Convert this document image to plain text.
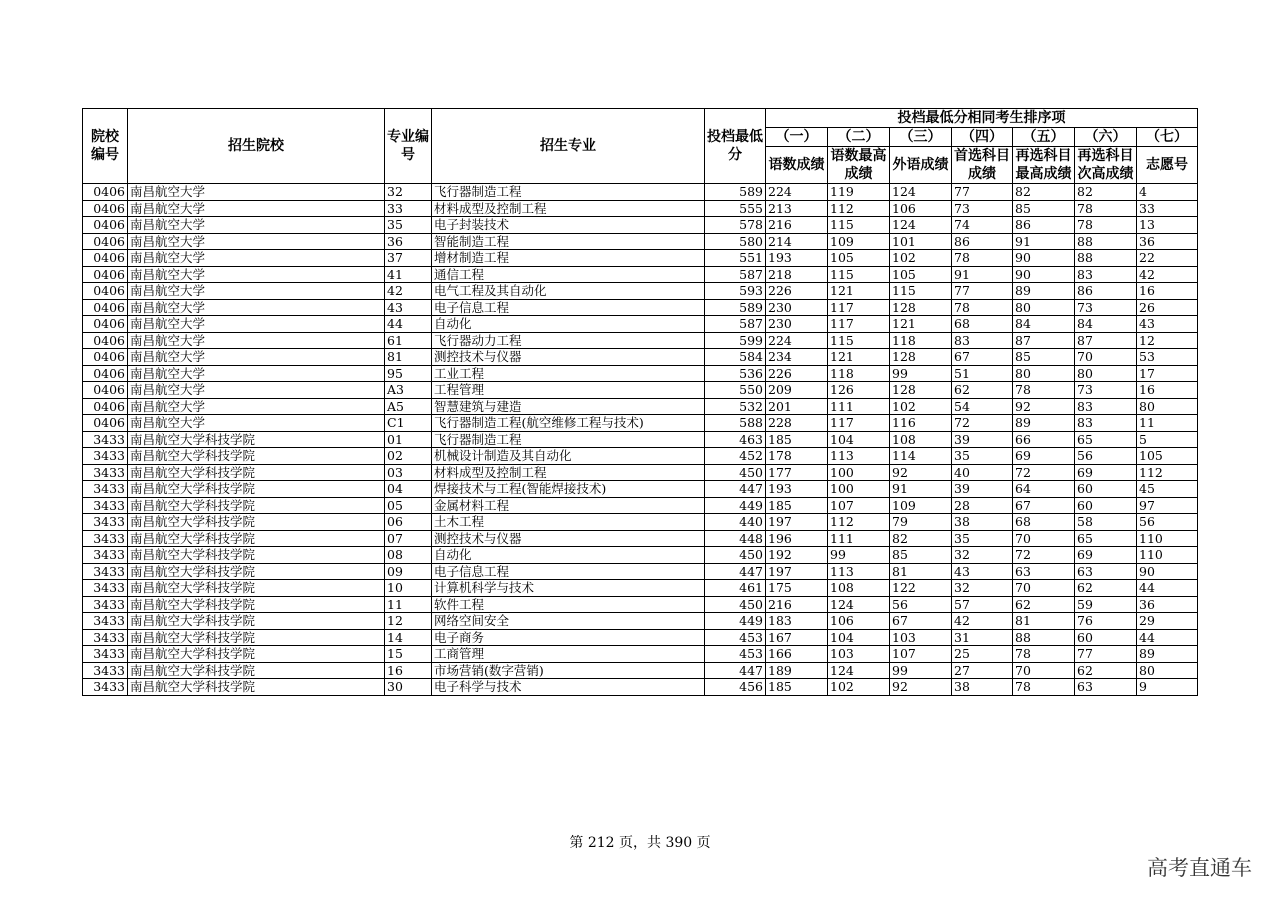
院校编号	招生院校	专业编号	招生专业	投档最低分	投档最低分相同考生排序项						
					（一）	（二）	（三）	（四）	（五）	（六）	（七）
					语数成绩	语数最高成绩	外语成绩	首选科目成绩	再选科目最高成绩	再选科目次高成绩	志愿号
0406	南昌航空大学	32	飞行器制造工程	589	224	119	124	77	82	82	4
0406	南昌航空大学	33	材料成型及控制工程	555	213	112	106	73	85	78	33
0406	南昌航空大学	35	电子封装技术	578	216	115	124	74	86	78	13
0406	南昌航空大学	36	智能制造工程	580	214	109	101	86	91	88	36
0406	南昌航空大学	37	增材制造工程	551	193	105	102	78	90	88	22
0406	南昌航空大学	41	通信工程	587	218	115	105	91	90	83	42
0406	南昌航空大学	42	电气工程及其自动化	593	226	121	115	77	89	86	16
0406	南昌航空大学	43	电子信息工程	589	230	117	128	78	80	73	26
0406	南昌航空大学	44	自动化	587	230	117	121	68	84	84	43
0406	南昌航空大学	61	飞行器动力工程	599	224	115	118	83	87	87	12
0406	南昌航空大学	81	测控技术与仪器	584	234	121	128	67	85	70	53
0406	南昌航空大学	95	工业工程	536	226	118	99	51	80	80	17
0406	南昌航空大学	A3	工程管理	550	209	126	128	62	78	73	16
0406	南昌航空大学	A5	智慧建筑与建造	532	201	111	102	54	92	83	80
0406	南昌航空大学	C1	飞行器制造工程(航空维修工程与技术)	588	228	117	116	72	89	83	11
3433	南昌航空大学科技学院	01	飞行器制造工程	463	185	104	108	39	66	65	5
3433	南昌航空大学科技学院	02	机械设计制造及其自动化	452	178	113	114	35	69	56	105
3433	南昌航空大学科技学院	03	材料成型及控制工程	450	177	100	92	40	72	69	112
3433	南昌航空大学科技学院	04	焊接技术与工程(智能焊接技术)	447	193	100	91	39	64	60	45
3433	南昌航空大学科技学院	05	金属材料工程	449	185	107	109	28	67	60	97
3433	南昌航空大学科技学院	06	土木工程	440	197	112	79	38	68	58	56
3433	南昌航空大学科技学院	07	测控技术与仪器	448	196	111	82	35	70	65	110
3433	南昌航空大学科技学院	08	自动化	450	192	99	85	32	72	69	110
3433	南昌航空大学科技学院	09	电子信息工程	447	197	113	81	43	63	63	90
3433	南昌航空大学科技学院	10	计算机科学与技术	461	175	108	122	32	70	62	44
3433	南昌航空大学科技学院	11	软件工程	450	216	124	56	57	62	59	36
3433	南昌航空大学科技学院	12	网络空间安全	449	183	106	67	42	81	76	29
3433	南昌航空大学科技学院	14	电子商务	453	167	104	103	31	88	60	44
3433	南昌航空大学科技学院	15	工商管理	453	166	103	107	25	78	77	89
3433	南昌航空大学科技学院	16	市场营销(数字营销)	447	189	124	99	27	70	62	80
3433	南昌航空大学科技学院	30	电子科学与技术	456	185	102	92	38	78	63	9
第 212 页，共 390 页
高考直通车
